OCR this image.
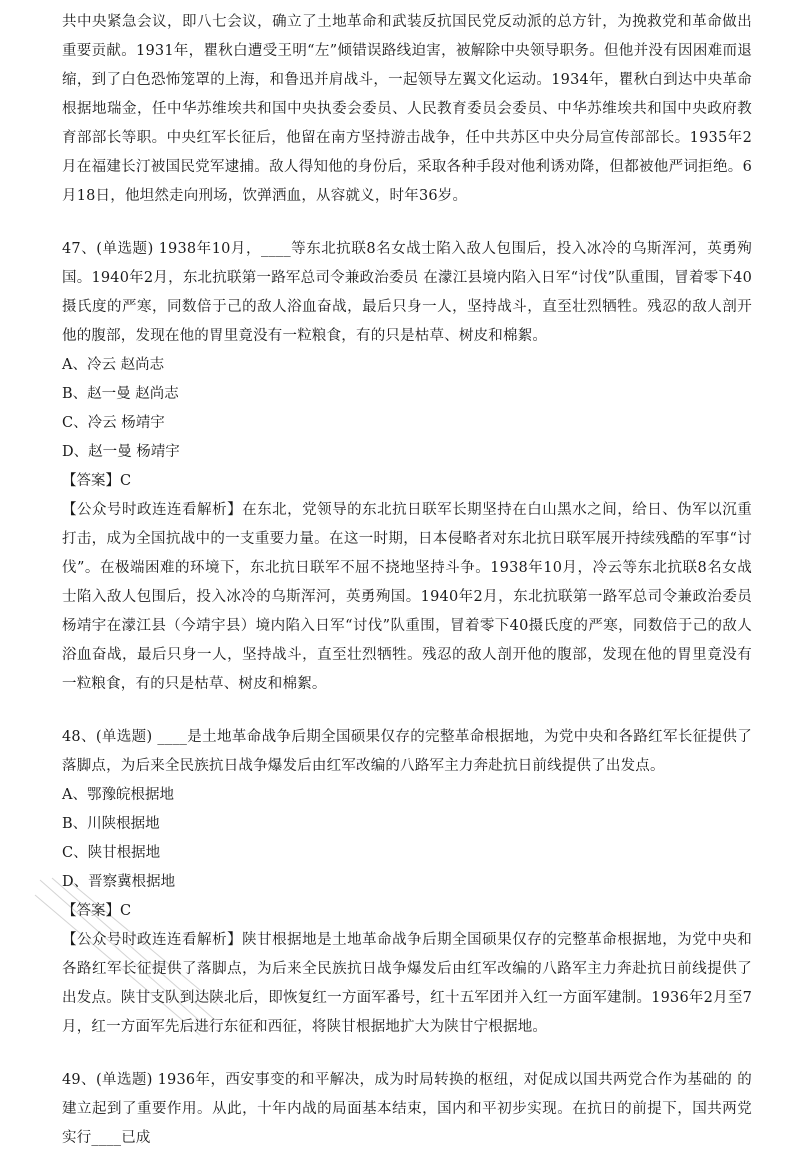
共中央紧急会议，即八七会议，确立了土地革命和武装反抗国民党反动派的总方针，为挽救党和革命做出重要贡献。1931年，瞿秋白遭受王明“左”倾错误路线迫害，被解除中央领导职务。但他并没有因困难而退缩，到了白色恐怖笼罩的上海，和鲁迅并肩战斗，一起领导左翼文化运动。1934年，瞿秋白到达中央革命根据地瑞金，任中华苏维埃共和国中央执委会委员、人民教育委员会委员、中华苏维埃共和国中央政府教育部部长等职。中央红军长征后，他留在南方坚持游击战争，任中共苏区中央分局宣传部部长。1935年2月在福建长汀被国民党军逮捕。敌人得知他的身份后，采取各种手段对他利诱劝降，但都被他严词拒绝。6月18日，他坦然走向刑场，饮弹洒血，从容就义，时年36岁。

47、(单选题) 1938年10月，____等东北抗联8名女战士陷入敌人包围后，投入冰冷的乌斯浑河，英勇殉国。1940年2月，东北抗联第一路军总司令兼政治委员 在濛江县境内陷入日军“讨伐”队重围，冒着零下40摄氏度的严寒，同数倍于己的敌人浴血奋战，最后只身一人，坚持战斗，直至壮烈牺牲。残忍的敌人剖开他的腹部，发现在他的胃里竟没有一粒粮食，有的只是枯草、树皮和棉絮。

A、冷云 赵尚志

B、赵一曼 赵尚志

C、冷云 杨靖宇

D、赵一曼 杨靖宇

【答案】C

【公众号时政连连看解析】在东北，党领导的东北抗日联军长期坚持在白山黑水之间，给日、伪军以沉重打击，成为全国抗战中的一支重要力量。在这一时期，日本侵略者对东北抗日联军展开持续残酷的军事“讨伐”。在极端困难的环境下，东北抗日联军不屈不挠地坚持斗争。1938年10月，冷云等东北抗联8名女战士陷入敌人包围后，投入冰冷的乌斯浑河，英勇殉国。1940年2月，东北抗联第一路军总司令兼政治委员杨靖宇在濛江县（今靖宇县）境内陷入日军“讨伐”队重围，冒着零下40摄氏度的严寒，同数倍于己的敌人浴血奋战，最后只身一人，坚持战斗，直至壮烈牺牲。残忍的敌人剖开他的腹部，发现在他的胃里竟没有一粒粮食，有的只是枯草、树皮和棉絮。

48、(单选题) ____是土地革命战争后期全国硕果仅存的完整革命根据地，为党中央和各路红军长征提供了落脚点，为后来全民族抗日战争爆发后由红军改编的八路军主力奔赴抗日前线提供了出发点。

A、鄂豫皖根据地

B、川陕根据地

C、陕甘根据地

D、晋察冀根据地

【答案】C

【公众号时政连连看解析】陕甘根据地是土地革命战争后期全国硕果仅存的完整革命根据地，为党中央和各路红军长征提供了落脚点，为后来全民族抗日战争爆发后由红军改编的八路军主力奔赴抗日前线提供了出发点。陕甘支队到达陕北后，即恢复红一方面军番号，红十五军团并入红一方面军建制。1936年2月至7月，红一方面军先后进行东征和西征，将陕甘根据地扩大为陕甘宁根据地。

49、(单选题) 1936年，西安事变的和平解决，成为时局转换的枢纽，对促成以国共两党合作为基础的 的建立起到了重要作用。从此，十年内战的局面基本结束，国内和平初步实现。在抗日的前提下，国共两党实行____已成
